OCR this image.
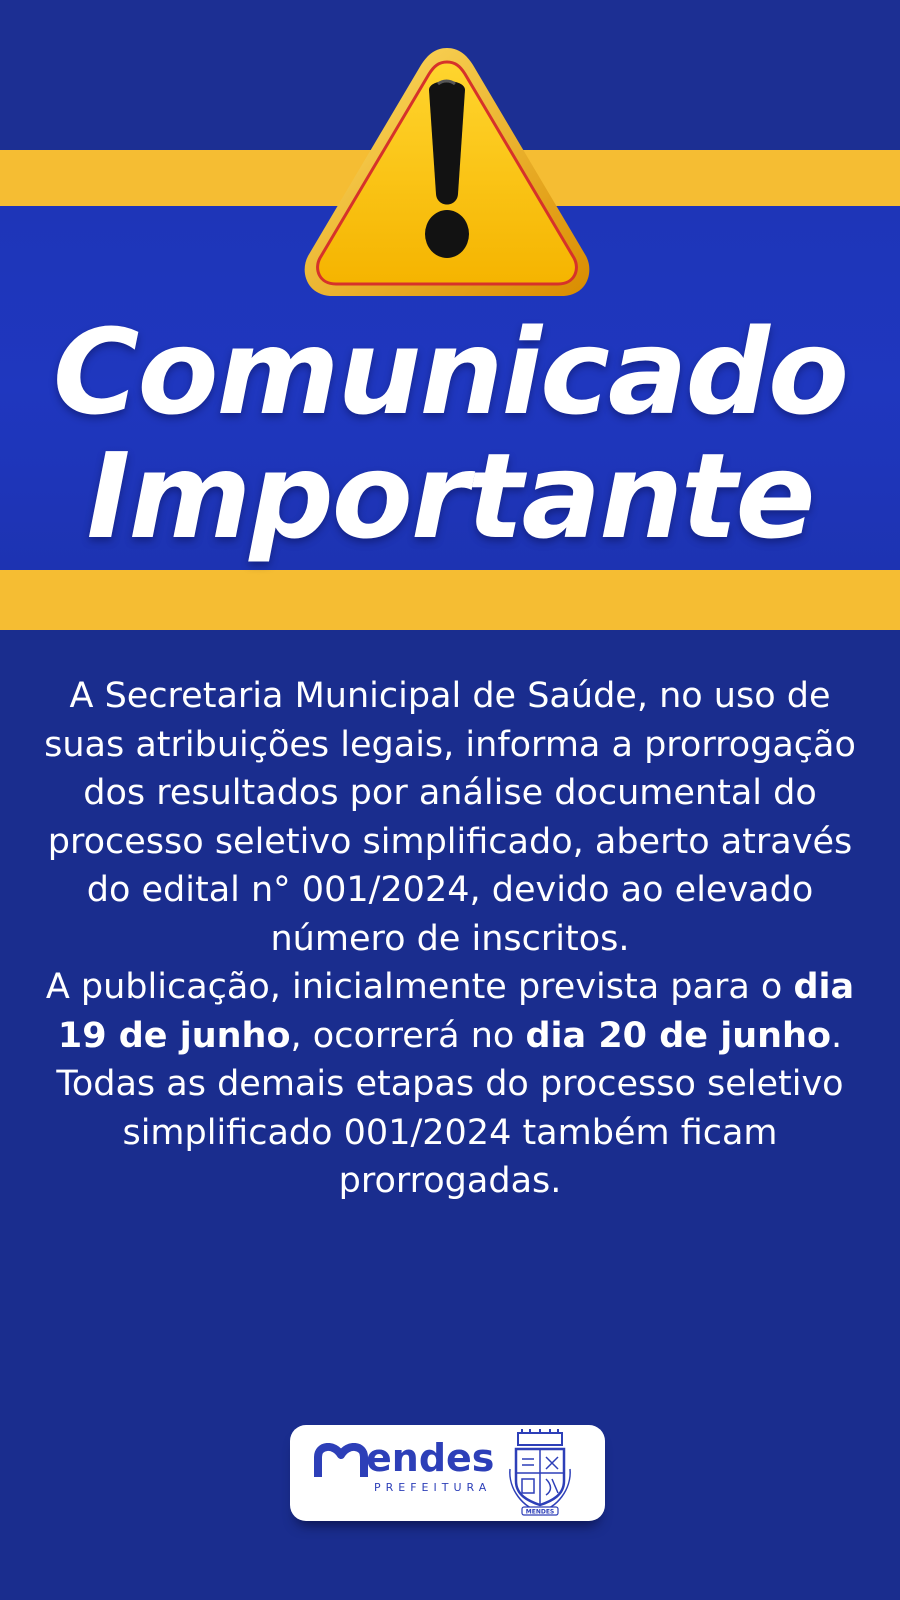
Comunicado
Importante
A Secretaria Municipal de Saúde, no uso de suas atribuições legais, informa a prorrogação dos resultados por análise documental do processo seletivo simplificado, aberto através do edital n° 001/2024, devido ao elevado número de inscritos.
A publicação, inicialmente prevista para o dia 19 de junho, ocorrerá no dia 20 de junho. Todas as demais etapas do processo seletivo simplificado 001/2024 também ficam prorrogadas.
endes
PREFEITURA
MENDES
